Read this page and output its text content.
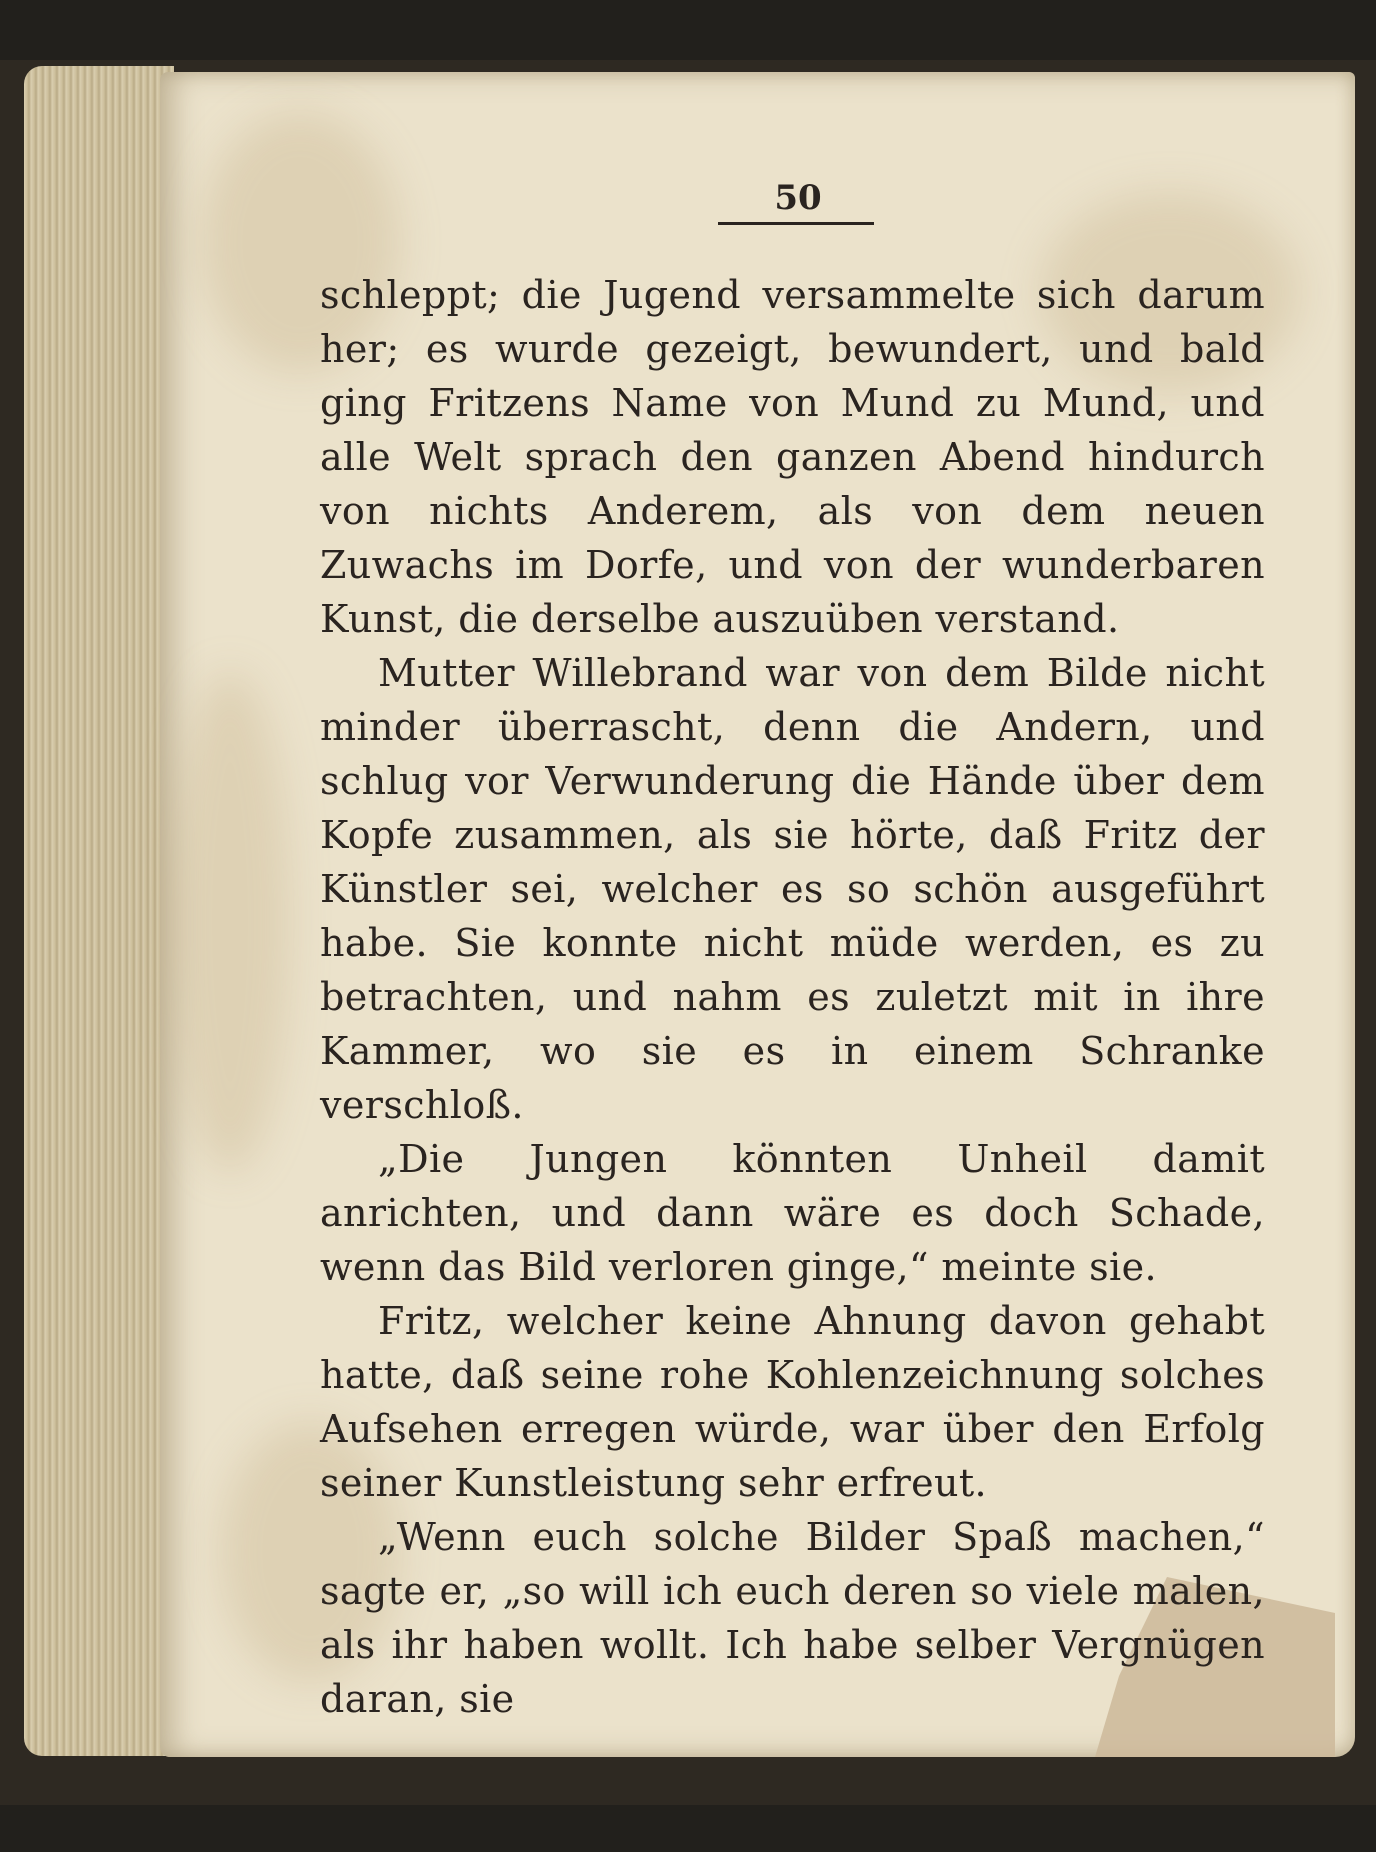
50

schleppt; die Jugend versammelte sich darum her; es wurde gezeigt, bewundert, und bald ging Fritzens Name von Mund zu Mund, und alle Welt sprach den ganzen Abend hindurch von nichts Anderem, als von dem neuen Zuwachs im Dorfe, und von der wunderbaren Kunst, die derselbe auszuüben verstand.

Mutter Willebrand war von dem Bilde nicht minder überrascht, denn die Andern, und schlug vor Verwunderung die Hände über dem Kopfe zusammen, als sie hörte, daß Fritz der Künstler sei, welcher es so schön ausgeführt habe. Sie konnte nicht müde werden, es zu betrachten, und nahm es zuletzt mit in ihre Kammer, wo sie es in einem Schranke verschloß.

„Die Jungen könnten Unheil damit anrichten, und dann wäre es doch Schade, wenn das Bild verloren ginge,“ meinte sie.

Fritz, welcher keine Ahnung davon gehabt hatte, daß seine rohe Kohlenzeichnung solches Aufsehen erregen würde, war über den Erfolg seiner Kunstleistung sehr erfreut.

„Wenn euch solche Bilder Spaß machen,“ sagte er, „so will ich euch deren so viele malen, als ihr haben wollt. Ich habe selber Vergnügen daran, sie
